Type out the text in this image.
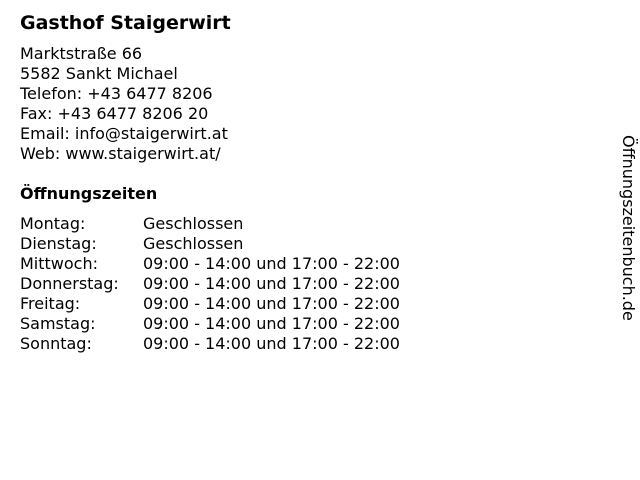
Gasthof Staigerwirt
Marktstraße 66
5582 Sankt Michael
Telefon: +43 6477 8206
Fax: +43 6477 8206 20
Email: info@staigerwirt.at
Web: www.staigerwirt.at/
Öffnungszeiten
Montag:	Geschlossen
Dienstag:	Geschlossen
Mittwoch:	09:00 - 14:00 und 17:00 - 22:00
Donnerstag: 09:00 - 14:00 und 17:00 - 22:00
Freitag:	09:00 - 14:00 und 17:00 - 22:00
Samstag:	09:00 - 14:00 und 17:00 - 22:00
Sonntag:	09:00 - 14:00 und 17:00 - 22:00
Öffnungszeitenbuch.de
